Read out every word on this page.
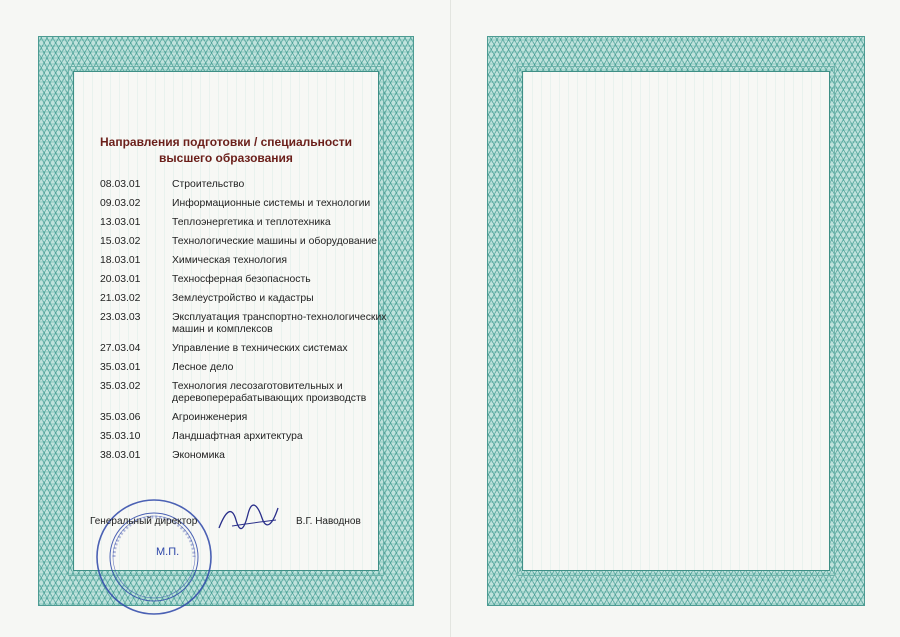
Направления подготовки / специальности
высшего образования
08.03.01	Строительство
09.03.02	Информационные системы и технологии
13.03.01	Теплоэнергетика и теплотехника
15.03.02	Технологические машины и оборудование
18.03.01	Химическая технология
20.03.01	Техносферная безопасность
21.03.02	Землеустройство и кадастры
23.03.03	Эксплуатация транспортно-технологических машин и комплексов
27.03.04	Управление в технических системах
35.03.01	Лесное дело
35.03.02	Технология лесозаготовительных и деревоперерабатывающих производств
35.03.06	Агроинженерия
35.03.10	Ландшафтная архитектура
38.03.01	Экономика
Генеральный директор	В.Г. Наводнов
М.П.
